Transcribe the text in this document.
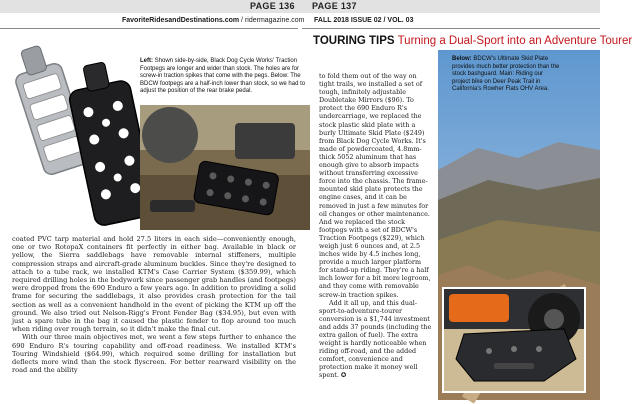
PAGE 136 PAGE 137
FavoriteRidesandDestinations.com / ridermagazine.com FALL 2018 ISSUE 02 / VOL. 03
TOURING TIPS Turning a Dual-Sport into an Adventure Tourer
Left: Shown side-by-side, Black Dog Cycle Works' Traction Footpegs are longer and wider than stock. The holes are for screw-in traction spikes that come with the pegs. Below: The BDCW footpegs are a half-inch lower than stock, so we had to adjust the position of the rear brake pedal.
Below: BDCW's Ultimate Skid Plate provides much better protection than the stock bashguard. Main: Riding our project bike on Deer Peak Trail in California's Rowher Flats OHV Area.

coated PVC tarp material and hold 27.5 liters in each side—conveniently enough, one or two RotopaX containers fit perfectly in either bag. Available in black or yellow, the Sierra saddlebags have removable internal stiffeners, multiple compression straps and aircraft-grade aluminum buckles. Since they're designed to attach to a tube rack, we installed KTM's Case Carrier System ($359.99), which required drilling holes in the bodywork since passenger grab handles (and footpegs) were dropped from the 690 Enduro a few years ago. In addition to providing a solid frame for securing the saddlebags, it also provides crash protection for the tail section as well as a convenient handhold in the event of picking the KTM up off the ground. We also tried out Nelson-Rigg's Front Fender Bag ($34.95), but even with just a spare tube in the bag it caused the plastic fender to flop around too much when riding over rough terrain, so it didn't make the final cut.

With our three main objectives met, we went a few steps further to enhance the 690 Enduro R's touring capability and off-road readiness. We installed KTM's Touring Windshield ($64.99), which required some drilling for installation but deflects more wind than the stock flyscreen. For better rearward visibility on the road and the ability

to fold them out of the way on tight trails, we installed a set of tough, infinitely adjustable Doubletake Mirrors ($96). To protect the 690 Enduro R's undercarriage, we replaced the stock plastic skid plate with a burly Ultimate Skid Plate ($249) from Black Dog Cycle Works. It's made of powdercoated, 4.8mm-thick 5052 aluminum that has enough give to absorb impacts without transferring excessive force into the chassis. The frame-mounted skid plate protects the engine cases, and it can be removed in just a few minutes for oil changes or other maintenance. And we replaced the stock footpegs with a set of BDCW's Traction Footpegs ($229), which weigh just 6 ounces and, at 2.5 inches wide by 4.5 inches long, provide a much larger platform for stand-up riding. They're a half inch lower for a bit more legroom, and they come with removable screw-in traction spikes.

Add it all up, and this dual-sport-to-adventure-tourer conversion is a $1,744 investment and adds 37 pounds (including the extra gallon of fuel). The extra weight is hardly noticeable when riding off-road, and the added comfort, convenience and protection make it money well spent. ✪
